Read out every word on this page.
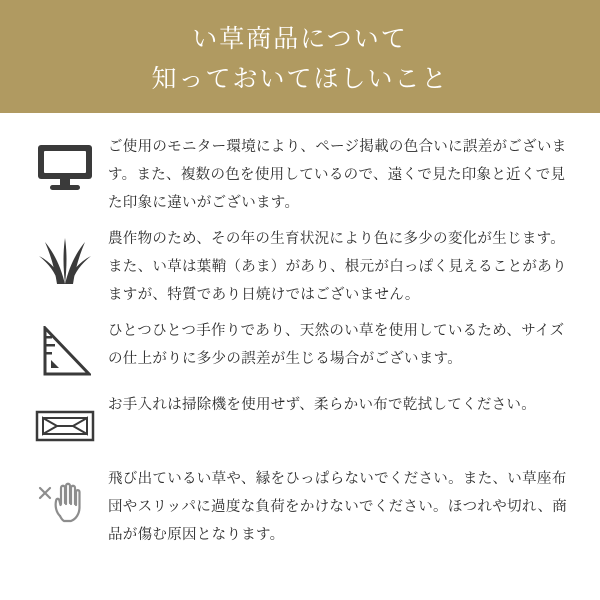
い草商品について
知っておいてほしいこと

ご使用のモニター環境により、ページ掲載の色合いに誤差がございます。また、複数の色を使用しているので、遠くで見た印象と近くで見た印象に違いがございます。

農作物のため、その年の生育状況により色に多少の変化が生じます。また、い草は葉鞘（あま）があり、根元が白っぽく見えることがありますが、特質であり日焼けではございません。

ひとつひとつ手作りであり、天然のい草を使用しているため、サイズの仕上がりに多少の誤差が生じる場合がございます。

お手入れは掃除機を使用せず、柔らかい布で乾拭してください。

飛び出ているい草や、縁をひっぱらないでください。また、い草座布団やスリッパに過度な負荷をかけないでください。ほつれや切れ、商品が傷む原因となります。
